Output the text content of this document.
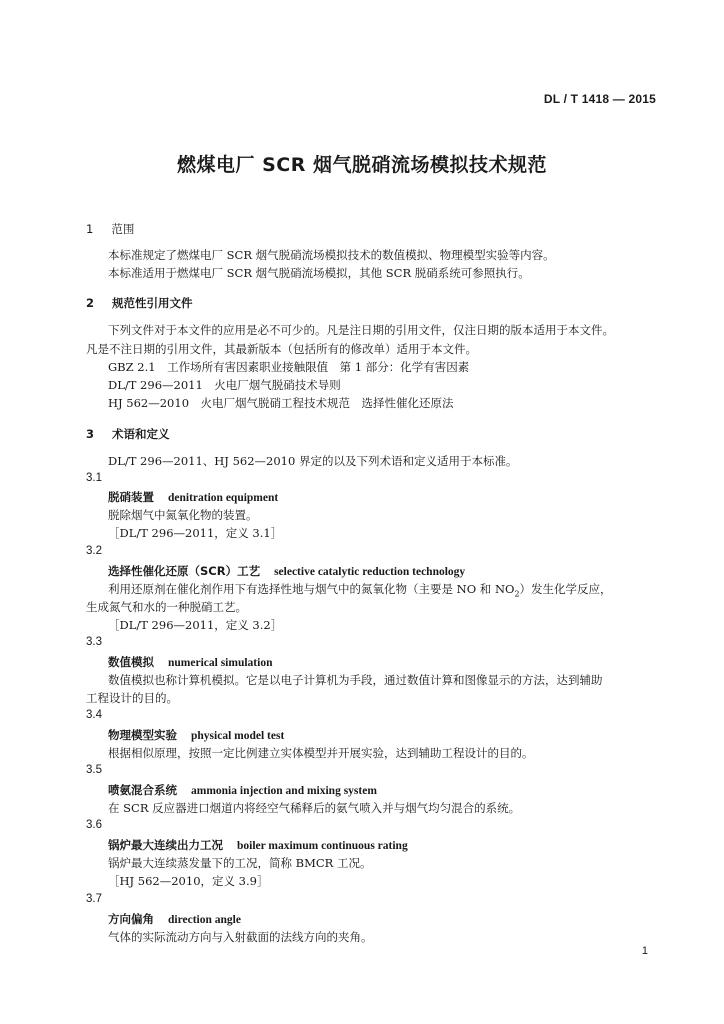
DL / T 1418 — 2015
燃煤电厂 SCR 烟气脱硝流场模拟技术规范
1 范围
本标准规定了燃煤电厂 SCR 烟气脱硝流场模拟技术的数值模拟、物理模型实验等内容。
本标准适用于燃煤电厂 SCR 烟气脱硝流场模拟，其他 SCR 脱硝系统可参照执行。
2 规范性引用文件
下列文件对于本文件的应用是必不可少的。凡是注日期的引用文件，仅注日期的版本适用于本文件。
凡是不注日期的引用文件，其最新版本（包括所有的修改单）适用于本文件。
GBZ 2.1　工作场所有害因素职业接触限值　第 1 部分：化学有害因素
DL/T 296—2011　火电厂烟气脱硝技术导则
HJ 562—2010　火电厂烟气脱硝工程技术规范　选择性催化还原法
3 术语和定义
DL/T 296—2011、HJ 562—2010 界定的以及下列术语和定义适用于本标准。
3.1
脱硝装置 denitration equipment
脱除烟气中氮氧化物的装置。
［DL/T 296—2011，定义 3.1］
3.2
选择性催化还原（SCR）工艺 selective catalytic reduction technology
利用还原剂在催化剂作用下有选择性地与烟气中的氮氧化物（主要是 NO 和 $NO_2$）发生化学反应，
生成氮气和水的一种脱硝工艺。
［DL/T 296—2011，定义 3.2］
3.3
数值模拟 numerical simulation
数值模拟也称计算机模拟。它是以电子计算机为手段，通过数值计算和图像显示的方法，达到辅助
工程设计的目的。
3.4
物理模型实验 physical model test
根据相似原理，按照一定比例建立实体模型并开展实验，达到辅助工程设计的目的。
3.5
喷氨混合系统 ammonia injection and mixing system
在 SCR 反应器进口烟道内将经空气稀释后的氨气喷入并与烟气均匀混合的系统。
3.6
锅炉最大连续出力工况 boiler maximum continuous rating
锅炉最大连续蒸发量下的工况，简称 BMCR 工况。
［HJ 562—2010，定义 3.9］
3.7
方向偏角 direction angle
气体的实际流动方向与入射截面的法线方向的夹角。
1
